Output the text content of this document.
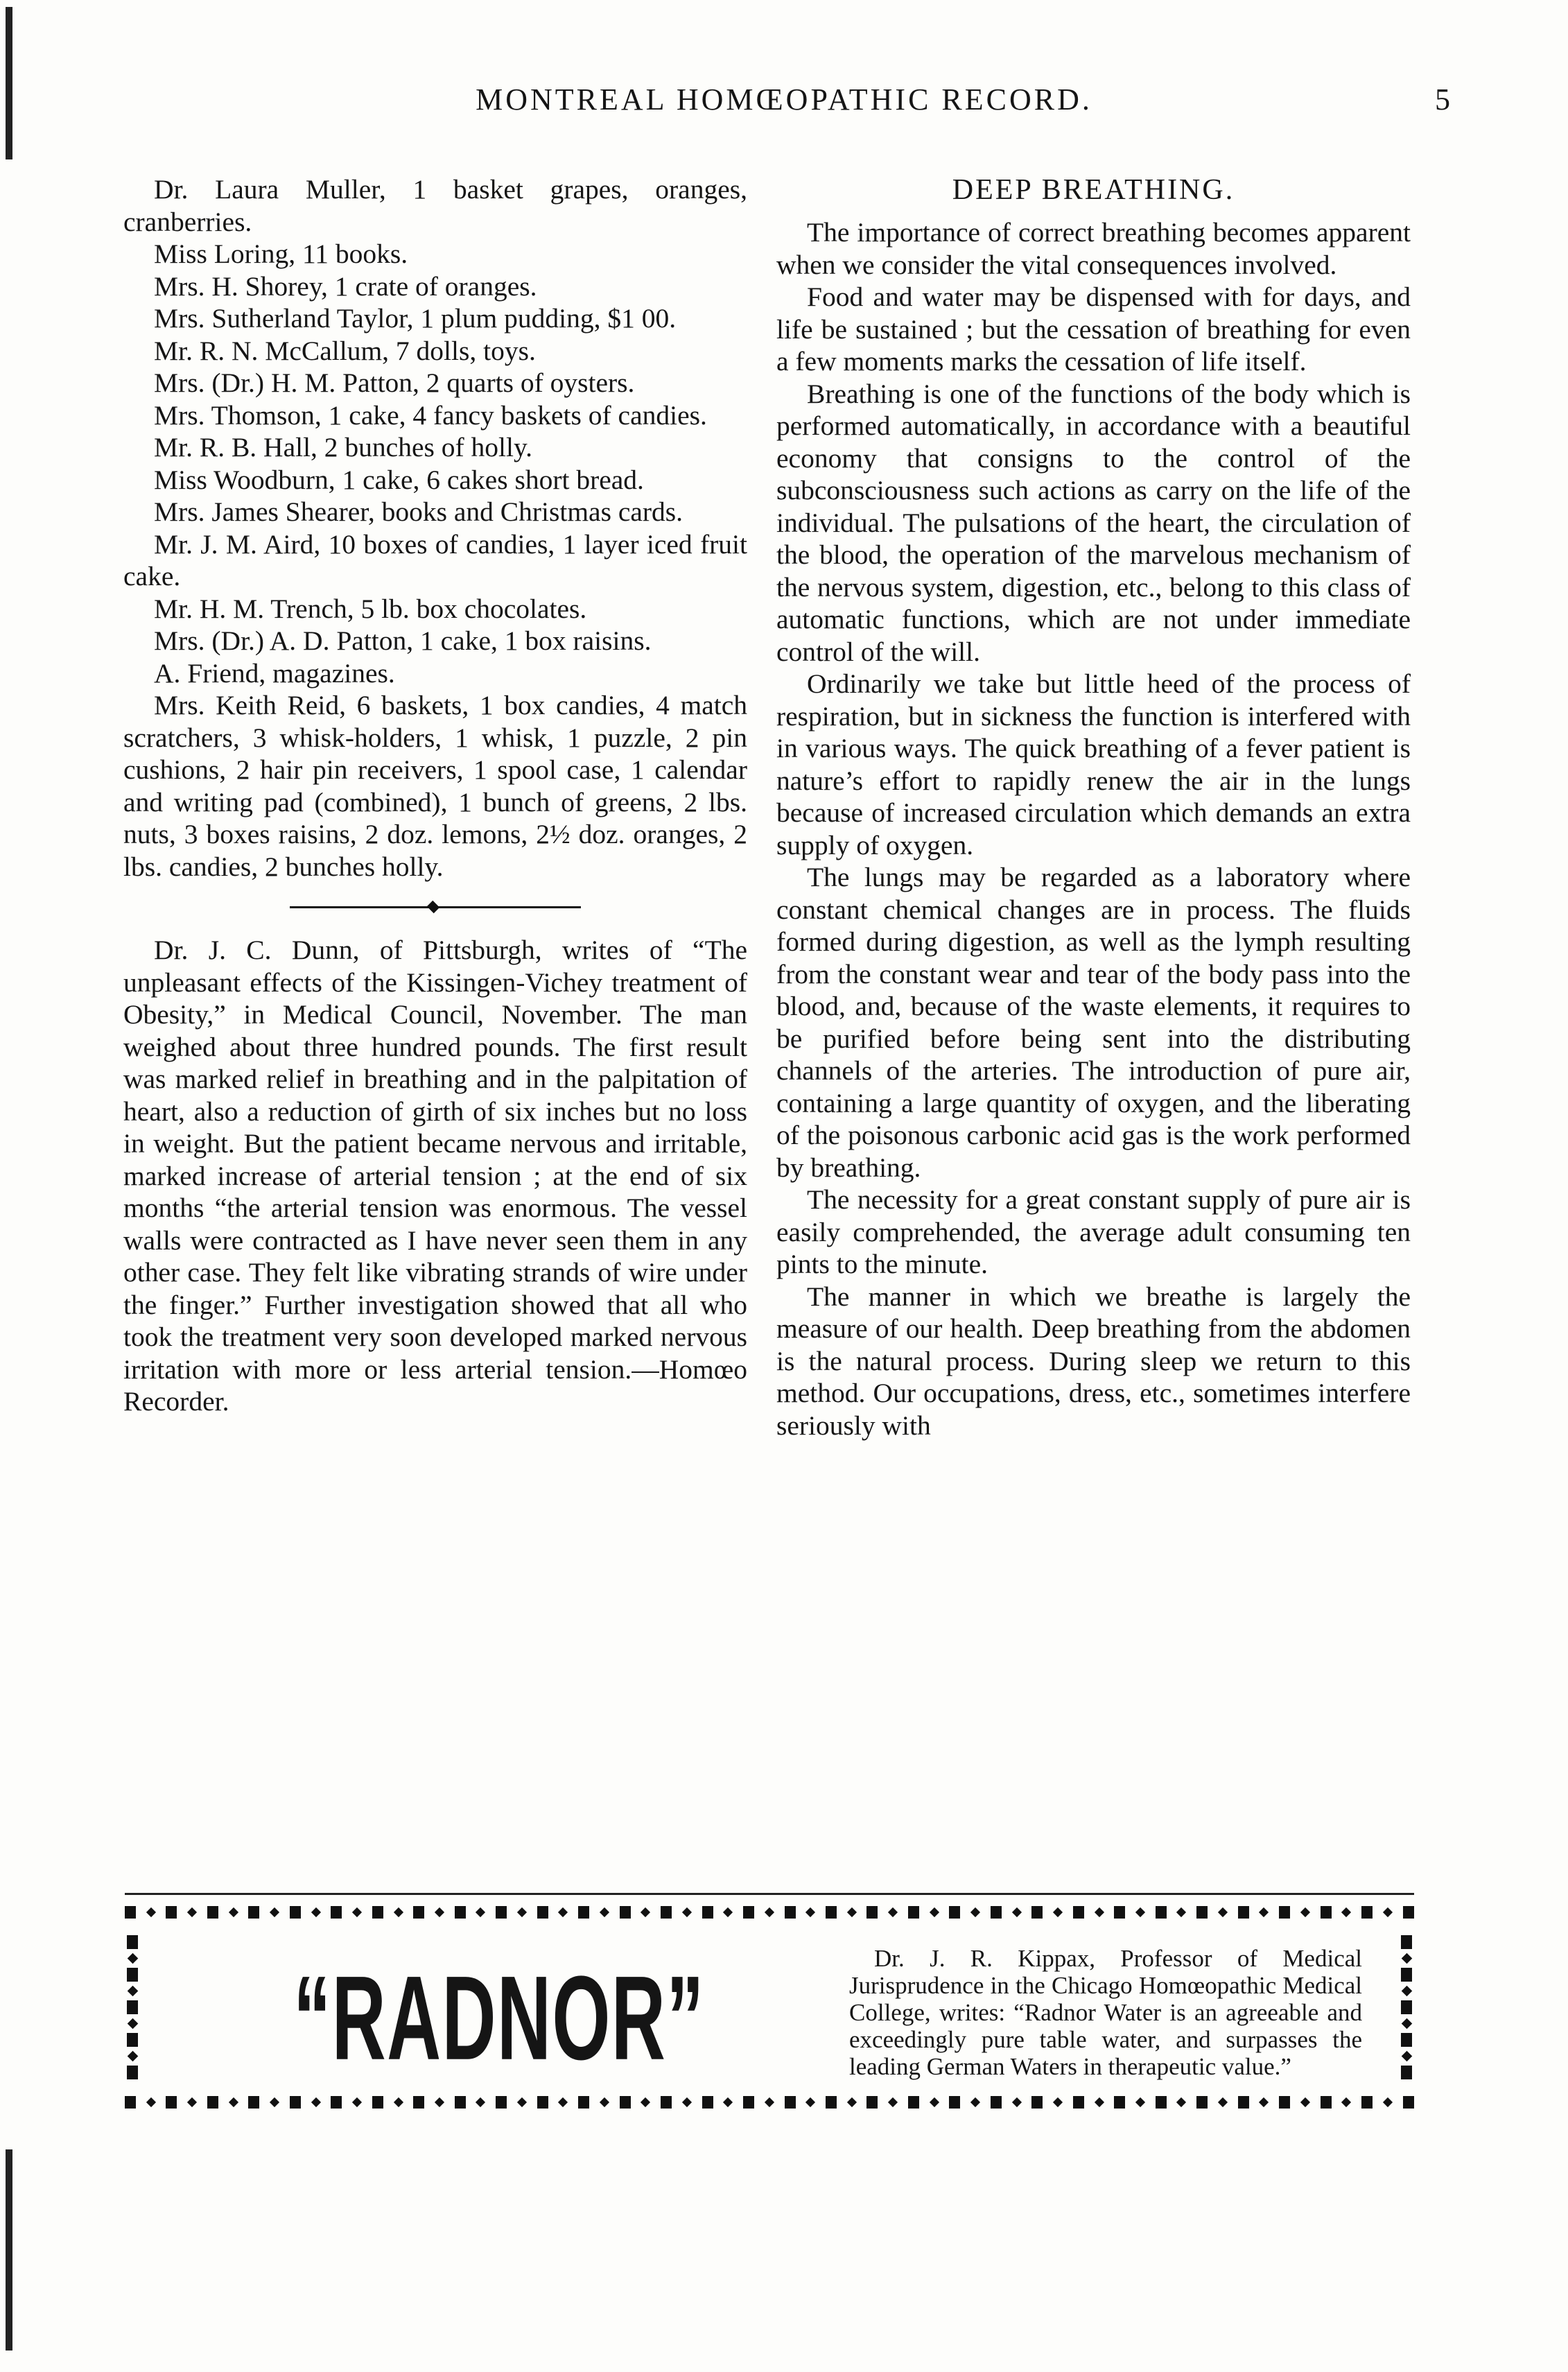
MONTREAL HOMŒOPATHIC RECORD.	5

Dr. Laura Muller, 1 basket grapes, oranges, cranberries.

Miss Loring, 11 books.

Mrs. H. Shorey, 1 crate of oranges.

Mrs. Sutherland Taylor, 1 plum pudding, $1 00.

Mr. R. N. McCallum, 7 dolls, toys.

Mrs. (Dr.) H. M. Patton, 2 quarts of oysters.

Mrs. Thomson, 1 cake, 4 fancy baskets of candies.

Mr. R. B. Hall, 2 bunches of holly.

Miss Woodburn, 1 cake, 6 cakes short bread.

Mrs. James Shearer, books and Christmas cards.

Mr. J. M. Aird, 10 boxes of candies, 1 layer iced fruit cake.

Mr. H. M. Trench, 5 lb. box chocolates.

Mrs. (Dr.) A. D. Patton, 1 cake, 1 box raisins.

A. Friend, magazines.

Mrs. Keith Reid, 6 baskets, 1 box candies, 4 match scratchers, 3 whisk-holders, 1 whisk, 1 puzzle, 2 pin cushions, 2 hair pin receivers, 1 spool case, 1 calendar and writing pad (combined), 1 bunch of greens, 2 lbs. nuts, 3 boxes raisins, 2 doz. lemons, 2½ doz. oranges, 2 lbs. candies, 2 bunches holly.

Dr. J. C. Dunn, of Pittsburgh, writes of “The unpleasant effects of the Kissingen-Vichey treatment of Obesity,” in Medical Council, November. The man weighed about three hundred pounds. The first result was marked relief in breathing and in the palpitation of heart, also a reduction of girth of six inches but no loss in weight. But the patient became nervous and irritable, marked increase of arterial tension ; at the end of six months “the arterial tension was enormous. The vessel walls were contracted as I have never seen them in any other case. They felt like vibrating strands of wire under the finger.” Further investigation showed that all who took the treatment very soon developed marked nervous irritation with more or less arterial tension.—Homœo Recorder.

DEEP BREATHING.

The importance of correct breathing becomes apparent when we consider the vital consequences involved.

Food and water may be dispensed with for days, and life be sustained ; but the cessation of breathing for even a few moments marks the cessation of life itself.

Breathing is one of the functions of the body which is performed automatically, in accordance with a beautiful economy that consigns to the control of the subconsciousness such actions as carry on the life of the individual. The pulsations of the heart, the circulation of the blood, the operation of the marvelous mechanism of the nervous system, digestion, etc., belong to this class of automatic functions, which are not under immediate control of the will.

Ordinarily we take but little heed of the process of respiration, but in sickness the function is interfered with in various ways. The quick breathing of a fever patient is nature’s effort to rapidly renew the air in the lungs because of increased circulation which demands an extra supply of oxygen.

The lungs may be regarded as a laboratory where constant chemical changes are in process. The fluids formed during digestion, as well as the lymph resulting from the constant wear and tear of the body pass into the blood, and, because of the waste elements, it requires to be purified before being sent into the distributing channels of the arteries. The introduction of pure air, containing a large quantity of oxygen, and the liberating of the poisonous carbonic acid gas is the work performed by breathing.

The necessity for a great constant supply of pure air is easily comprehended, the average adult consuming ten pints to the minute.

The manner in which we breathe is largely the measure of our health. Deep breathing from the abdomen is the natural process. During sleep we return to this method. Our occupations, dress, etc., sometimes interfere seriously with

“RADNOR”	Dr. J. R. Kippax, Professor of Medical Jurisprudence in the Chicago Homœopathic Medical College, writes: “Radnor Water is an agreeable and exceedingly pure table water, and surpasses the leading German Waters in therapeutic value.”
